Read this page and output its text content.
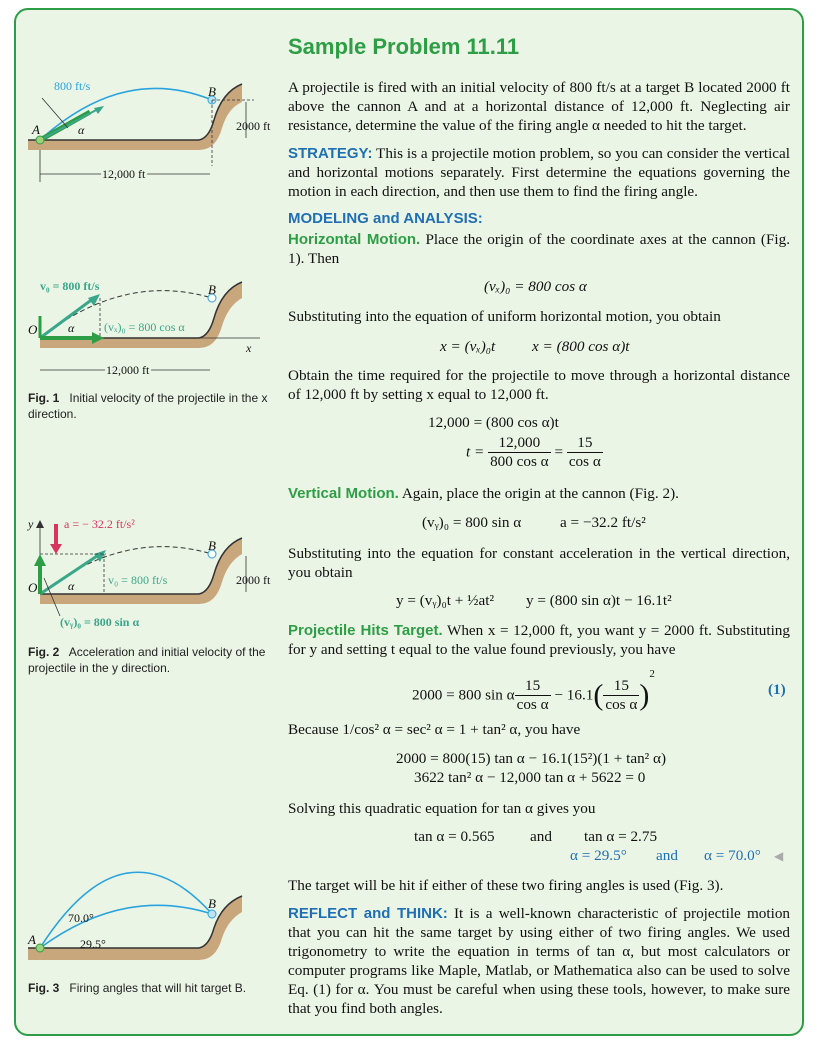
Sample Problem 11.11

A projectile is fired with an initial velocity of 800 ft/s at a target B located 2000 ft above the cannon A and at a horizontal distance of 12,000 ft. Neglecting air resistance, determine the value of the firing angle α needed to hit the target.

STRATEGY: This is a projectile motion problem, so you can consider the vertical and horizontal motions separately. First determine the equations governing the motion in each direction, and then use them to find the firing angle.

MODELING and ANALYSIS:

Horizontal Motion. Place the origin of the coordinate axes at the cannon (Fig. 1). Then

(vₓ)₀ = 800 cos α

Substituting into the equation of uniform horizontal motion, you obtain

x = (vₓ)₀t x = (800 cos α)t

Obtain the time required for the projectile to move through a horizontal distance of 12,000 ft by setting x equal to 12,000 ft.

12,000 = (800 cos α)t
$t = \frac{12,000}{\text{800 cos α}} = \frac{15}{\text{cos α}}$

Vertical Motion. Again, place the origin at the cannon (Fig. 2).

(vᵧ)₀ = 800 sin α	a = −32.2 ft/s²

Substituting into the equation for constant acceleration in the vertical direction, you obtain

y = (vᵧ)₀t + ½at² y = (800 sin α)t − 16.1t²

Projectile Hits Target. When x = 12,000 ft, you want y = 2000 ft. Substituting for y and setting t equal to the value found previously, you have

2000 = 800 sin α $\frac{15}{\text{cos α}} - 16.1( \frac{15}{\text{cos α}} )^2$
(1)

Because 1/cos² α = sec² α = 1 + tan² α, you have

2000 = 800(15) tan α − 16.1(15²)(1 + tan² α)
3622 tan² α − 12,000 tan α + 5622 = 0

Solving this quadratic equation for tan α gives you

tan α = 0.565 and tan α = 2.75
α = 29.5° and α = 70.0° ◀

The target will be hit if either of these two firing angles is used (Fig. 3).

REFLECT and THINK: It is a well-known characteristic of projectile motion that you can hit the same target by using either of two firing angles. We used trigonometry to write the equation in terms of tan α, but most calculators or computer programs like Maple, Matlab, or Mathematica also can be used to solve Eq. (1) for α. You must be careful when using these tools, however, to make sure that you find both angles.

800 ft/s
A
B
α	2000 ft
12,000 ft
v₀ = 800 ft/s
(vₓ)₀ = 800 cos α
O
B
x
α
12,000 ft
Fig. 1 Initial velocity of the projectile in the x direction.
y	a = − 32.2 ft/s²
v₀ = 800 ft/s
(vᵧ)₀ = 800 sin α
O
B
α	2000 ft
Fig. 2 Acceleration and initial velocity of the projectile in the y direction.
70.0°
29.5°
A
B
Fig. 3 Firing angles that will hit target B.
